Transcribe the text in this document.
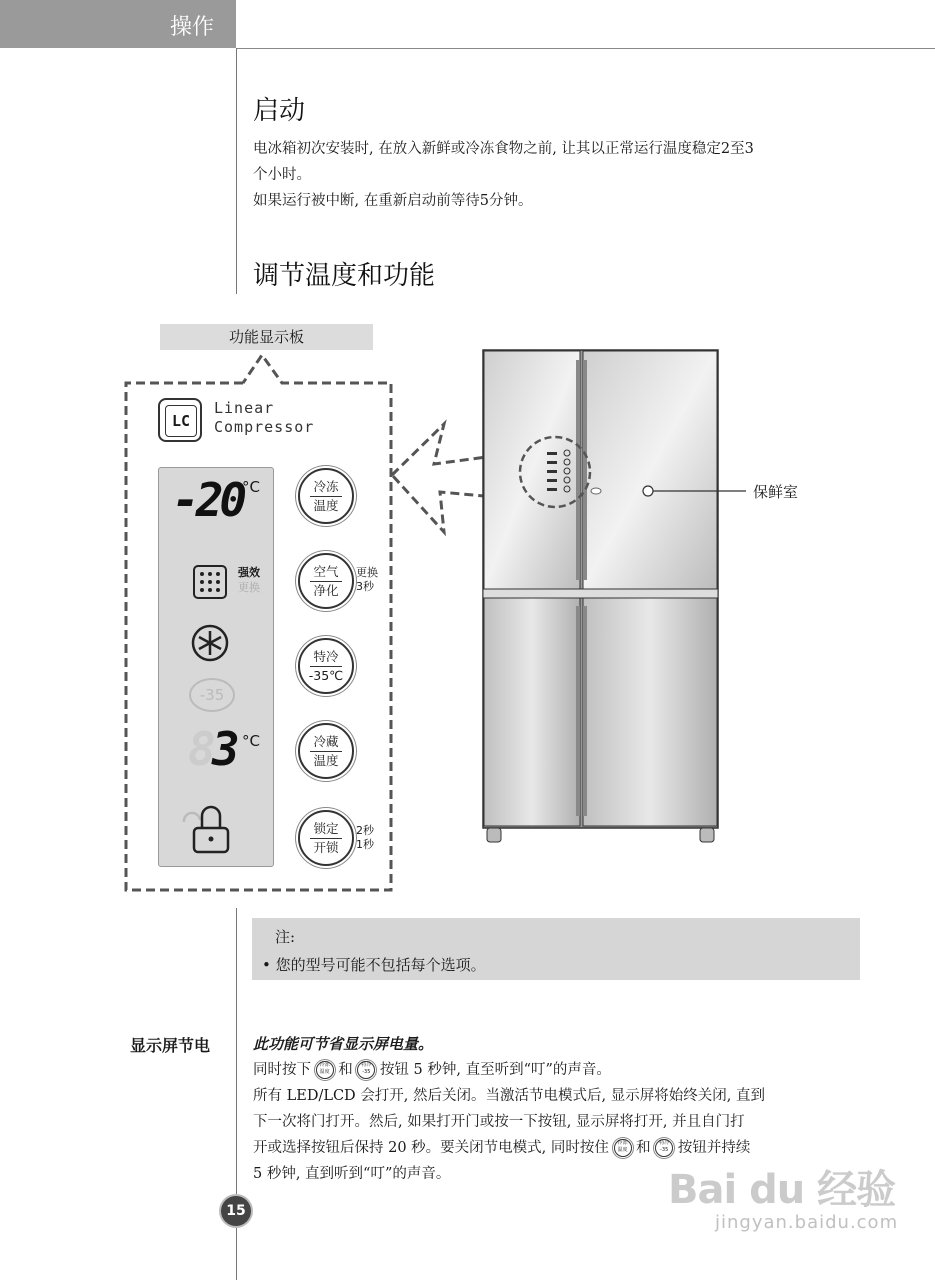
操作
启动
电冰箱初次安装时, 在放入新鲜或冷冻食物之前, 让其以正常运行温度稳定2至3
个小时。
如果运行被中断, 在重新启动前等待5分钟。
调节温度和功能
功能显示板
保鲜室
LC
Linear
Compressor
-20
°C
强效
更换
-35
8 3 °C
冷冻
温度
空气
净化
更换
3秒
特冷
-35℃
冷藏
温度
锁定
开锁
2秒
1秒
注:
• 您的型号可能不包括每个选项。
显示屏节电	此功能可节省显示屏电量。
同时按下 冷冻
温度 和 特冷
-35 按钮 5 秒钟, 直至听到“叮”的声音。
所有 LED/LCD 会打开, 然后关闭。当激活节电模式后, 显示屏将始终关闭, 直到
下一次将门打开。然后, 如果打开门或按一下按钮, 显示屏将打开, 并且自门打
开或选择按钮后保持 20 秒。要关闭节电模式, 同时按住 冷冻
温度 和 特冷
-35 按钮并持续
5 秒钟, 直到听到“叮”的声音。
15	Bai du 经验
jingyan.baidu.com
